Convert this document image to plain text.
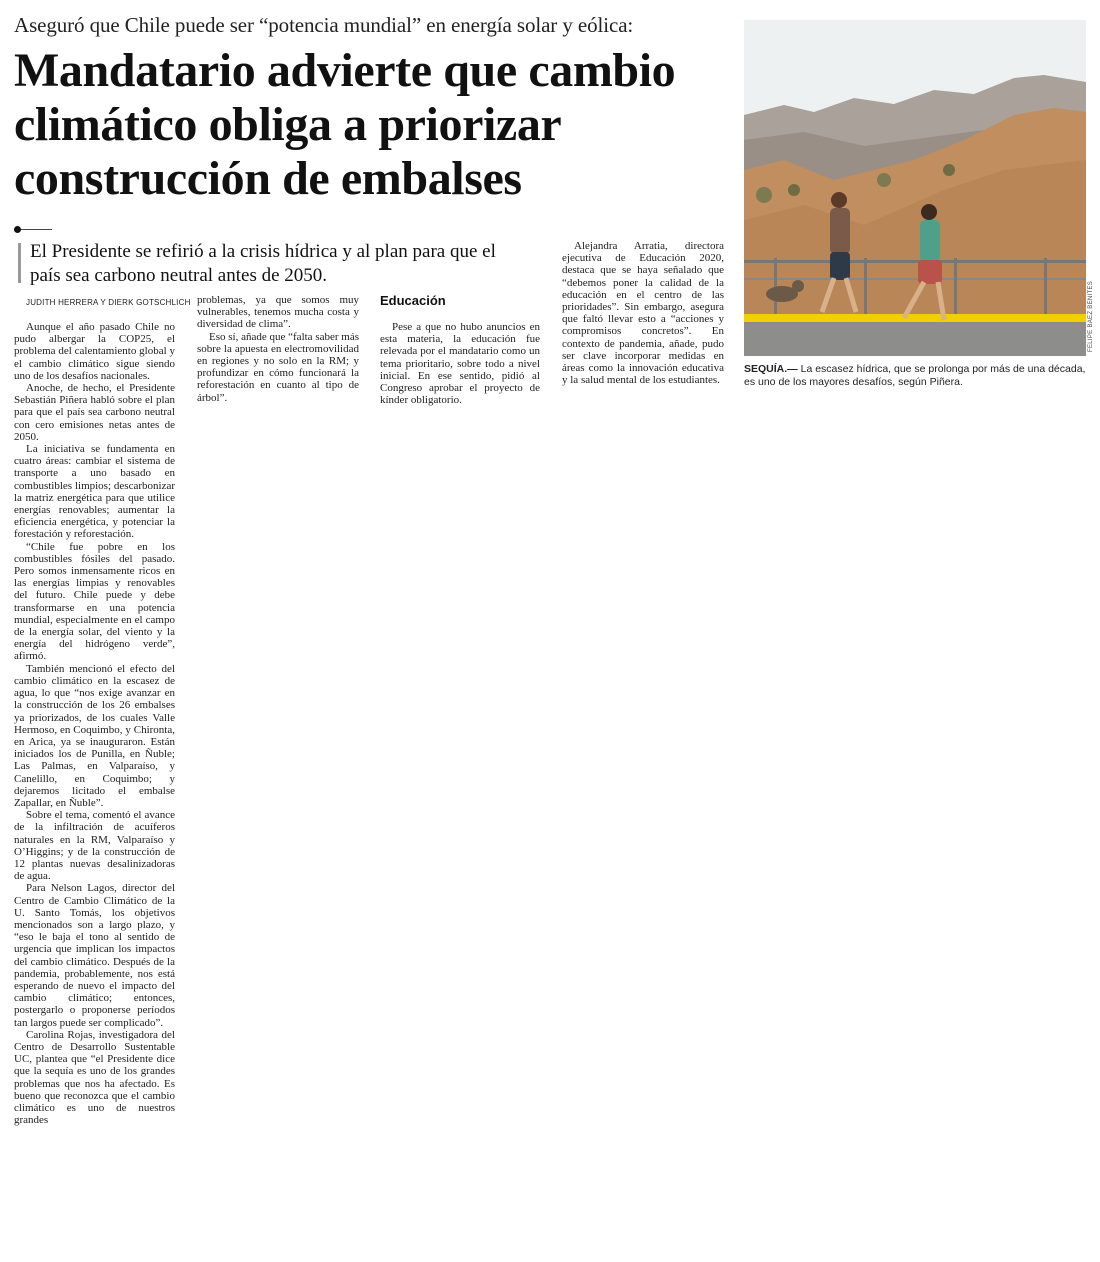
Aseguró que Chile puede ser “potencia mundial” en energía solar y eólica:
Mandatario advierte que cambio
climático obliga a priorizar
construcción de embalses
El Presidente se refirió a la crisis hídrica y al plan para que el
país sea carbono neutral antes de 2050.
JUDITH HERRERA Y DIERK GOTSCHLICH

Aunque el año pasado Chile no pudo albergar la COP25, el problema del calentamiento global y el cambio climático sigue siendo uno de los desafíos nacionales.

Anoche, de hecho, el Presidente Sebastián Piñera habló sobre el plan para que el país sea carbono neutral con cero emisiones netas antes de 2050.

La iniciativa se fundamenta en cuatro áreas: cambiar el sistema de transporte a uno basado en combustibles limpios; descarbonizar la matriz energética para que utilice energías renovables; aumentar la eficiencia energética, y potenciar la forestación y reforestación.

“Chile fue pobre en los combustibles fósiles del pasado. Pero somos inmensamente ricos en las energías limpias y renovables del futuro. Chile puede y debe transformarse en una potencia mundial, especialmente en el campo de la energía solar, del viento y la energía del hidrógeno verde”, afirmó.

También mencionó el efecto del cambio climático en la escasez de agua, lo que “nos exige avanzar en la construcción de los 26 embalses ya priorizados, de los cuales Valle Hermoso, en Coquimbo, y Chironta, en Arica, ya se inauguraron. Están iniciados los de Punilla, en Ñuble; Las Palmas, en Valparaíso, y Canelillo, en Coquimbo; y dejaremos licitado el embalse Zapallar, en Ñuble”.

Sobre el tema, comentó el avance de la infiltración de acuíferos naturales en la RM, Valparaíso y O’Higgins; y de la construcción de 12 plantas nuevas desalinizadoras de agua.

Para Nelson Lagos, director del Centro de Cambio Climático de la U. Santo Tomás, los objetivos mencionados son a largo plazo, y “eso le baja el tono al sentido de urgencia que implican los impactos del cambio climático. Después de la pandemia, probablemente, nos está esperando de nuevo el impacto del cambio climático; entonces, postergarlo o proponerse períodos tan largos puede ser complicado”.

Carolina Rojas, investigadora del Centro de Desarrollo Sustentable UC, plantea que “el Presidente dice que la sequía es uno de los grandes problemas que nos ha afectado. Es bueno que reconozca que el cambio climático es uno de nuestros grandes

problemas, ya que somos muy vulnerables, tenemos mucha costa y diversidad de clima”.

Eso sí, añade que “falta saber más sobre la apuesta en electromovilidad en regiones y no solo en la RM; y profundizar en cómo funcionará la reforestación en cuanto al tipo de árbol”.

Educación

Pese a que no hubo anuncios en esta materia, la educación fue relevada por el mandatario como un tema prioritario, sobre todo a nivel inicial. En ese sentido, pidió al Congreso aprobar el proyecto de kínder obligatorio.

Alejandra Arratia, directora ejecutiva de Educación 2020, destaca que se haya señalado que “debemos poner la calidad de la educación en el centro de las prioridades”. Sin embargo, asegura que faltó llevar esto a “acciones y compromisos concretos”. En contexto de pandemia, añade, pudo ser clave incorporar medidas en áreas como la innovación educativa y la salud mental de los estudiantes.

FELIPE BAEZ BENITES
SEQUÍA.— La escasez hídrica, que se prolonga por más de una década, es uno de los mayores desafíos, según Piñera.
